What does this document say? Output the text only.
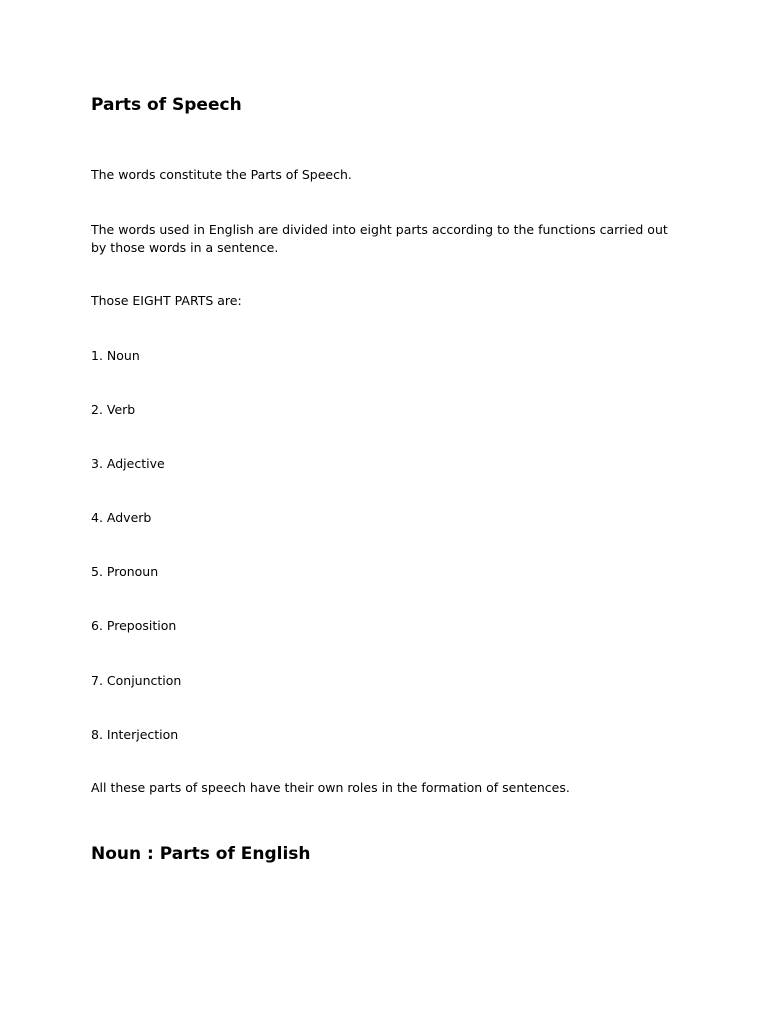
Parts of Speech

The words constitute the Parts of Speech.

The words used in English are divided into eight parts according to the functions carried out by those words in a sentence.

Those EIGHT PARTS are:

1. Noun

2. Verb

3. Adjective

4. Adverb

5. Pronoun

6. Preposition

7. Conjunction

8. Interjection

All these parts of speech have their own roles in the formation of sentences.

Noun : Parts of English
